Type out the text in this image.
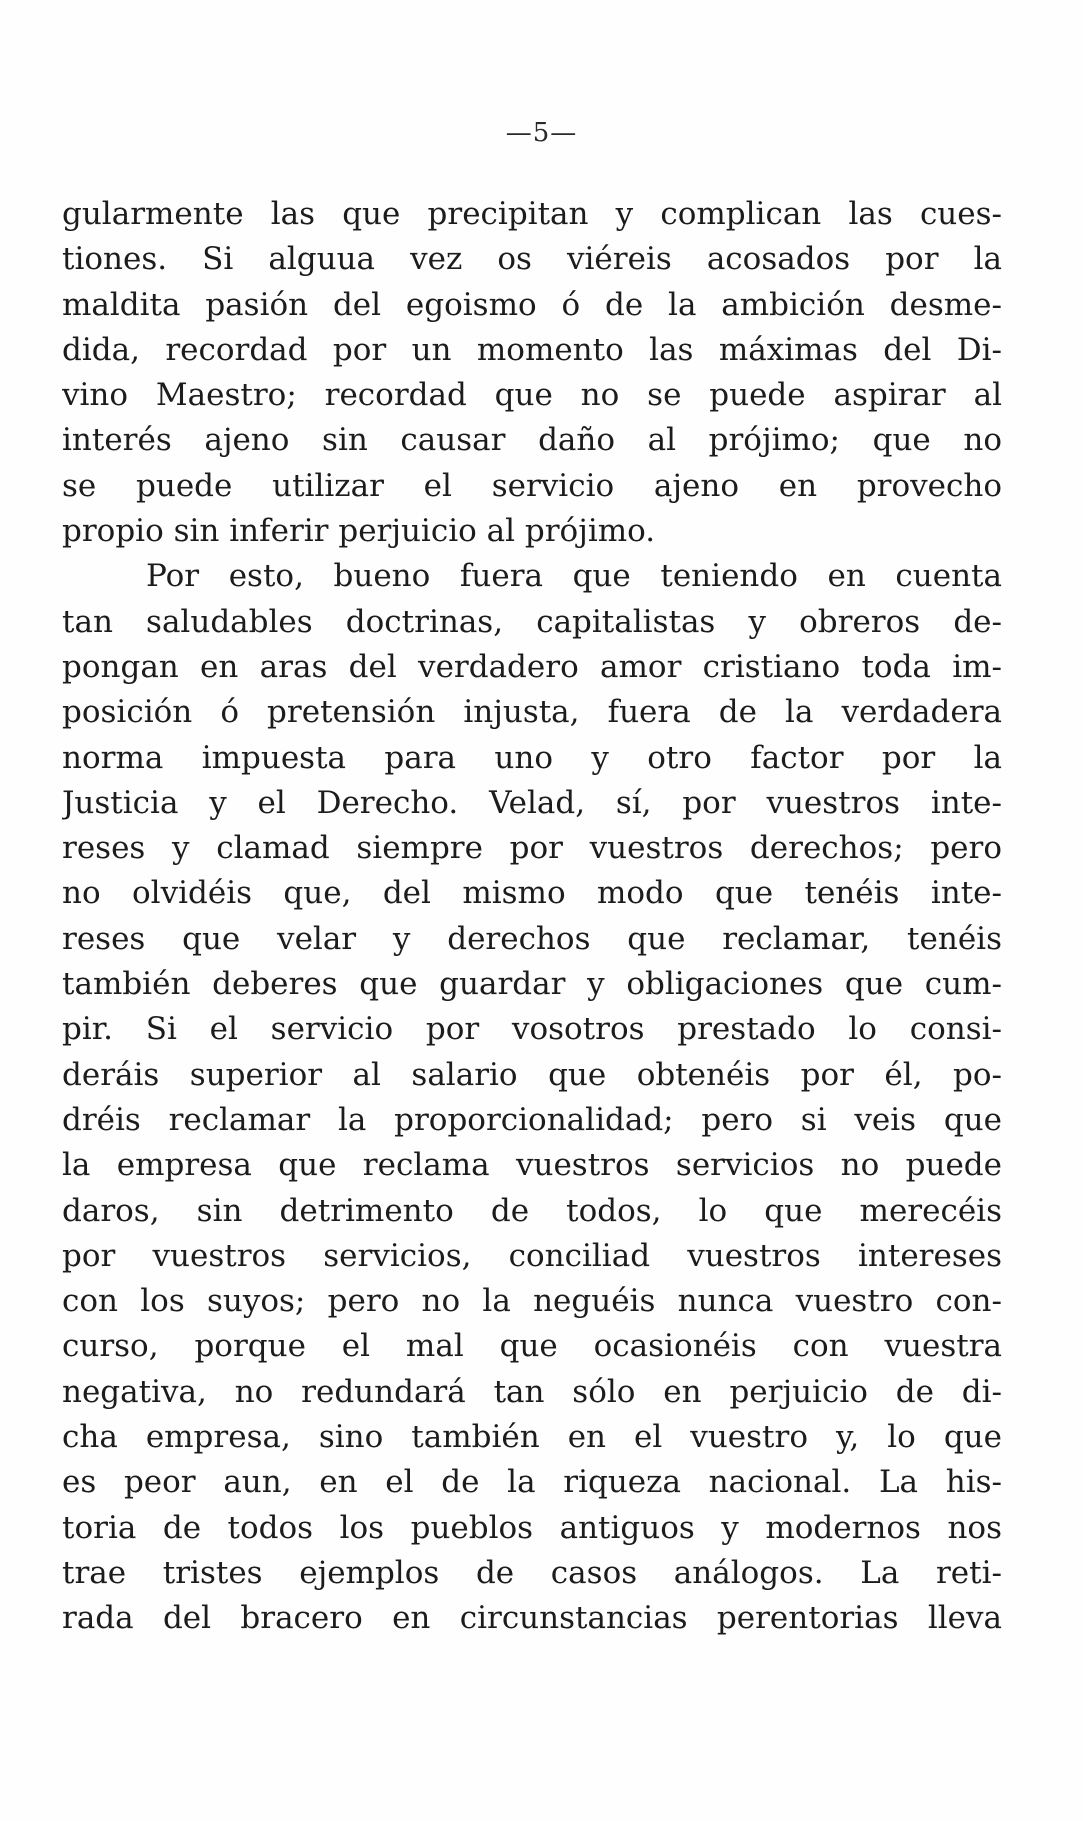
—5—
gularmente las que precipitan y complican las cues-
tiones. Si alguua vez os viéreis acosados por la
maldita pasión del egoismo ó de la ambición desme-
dida, recordad por un momento las máximas del Di-
vino Maestro; recordad que no se puede aspirar al
interés ajeno sin causar daño al prójimo; que no
se puede utilizar el servicio ajeno en provecho
propio sin inferir perjuicio al prójimo.
Por esto, bueno fuera que teniendo en cuenta
tan saludables doctrinas, capitalistas y obreros de-
pongan en aras del verdadero amor cristiano toda im-
posición ó pretensión injusta, fuera de la verdadera
norma impuesta para uno y otro factor por la
Justicia y el Derecho. Velad, sí, por vuestros inte-
reses y clamad siempre por vuestros derechos; pero
no olvidéis que, del mismo modo que tenéis inte-
reses que velar y derechos que reclamar, tenéis
también deberes que guardar y obligaciones que cum-
pir. Si el servicio por vosotros prestado lo consi-
deráis superior al salario que obtenéis por él, po-
dréis reclamar la proporcionalidad; pero si veis que
la empresa que reclama vuestros servicios no puede
daros, sin detrimento de todos, lo que merecéis
por vuestros servicios, conciliad vuestros intereses
con los suyos; pero no la neguéis nunca vuestro con-
curso, porque el mal que ocasionéis con vuestra
negativa, no redundará tan sólo en perjuicio de di-
cha empresa, sino también en el vuestro y, lo que
es peor aun, en el de la riqueza nacional. La his-
toria de todos los pueblos antiguos y modernos nos
trae tristes ejemplos de casos análogos. La reti-
rada del bracero en circunstancias perentorias lleva
